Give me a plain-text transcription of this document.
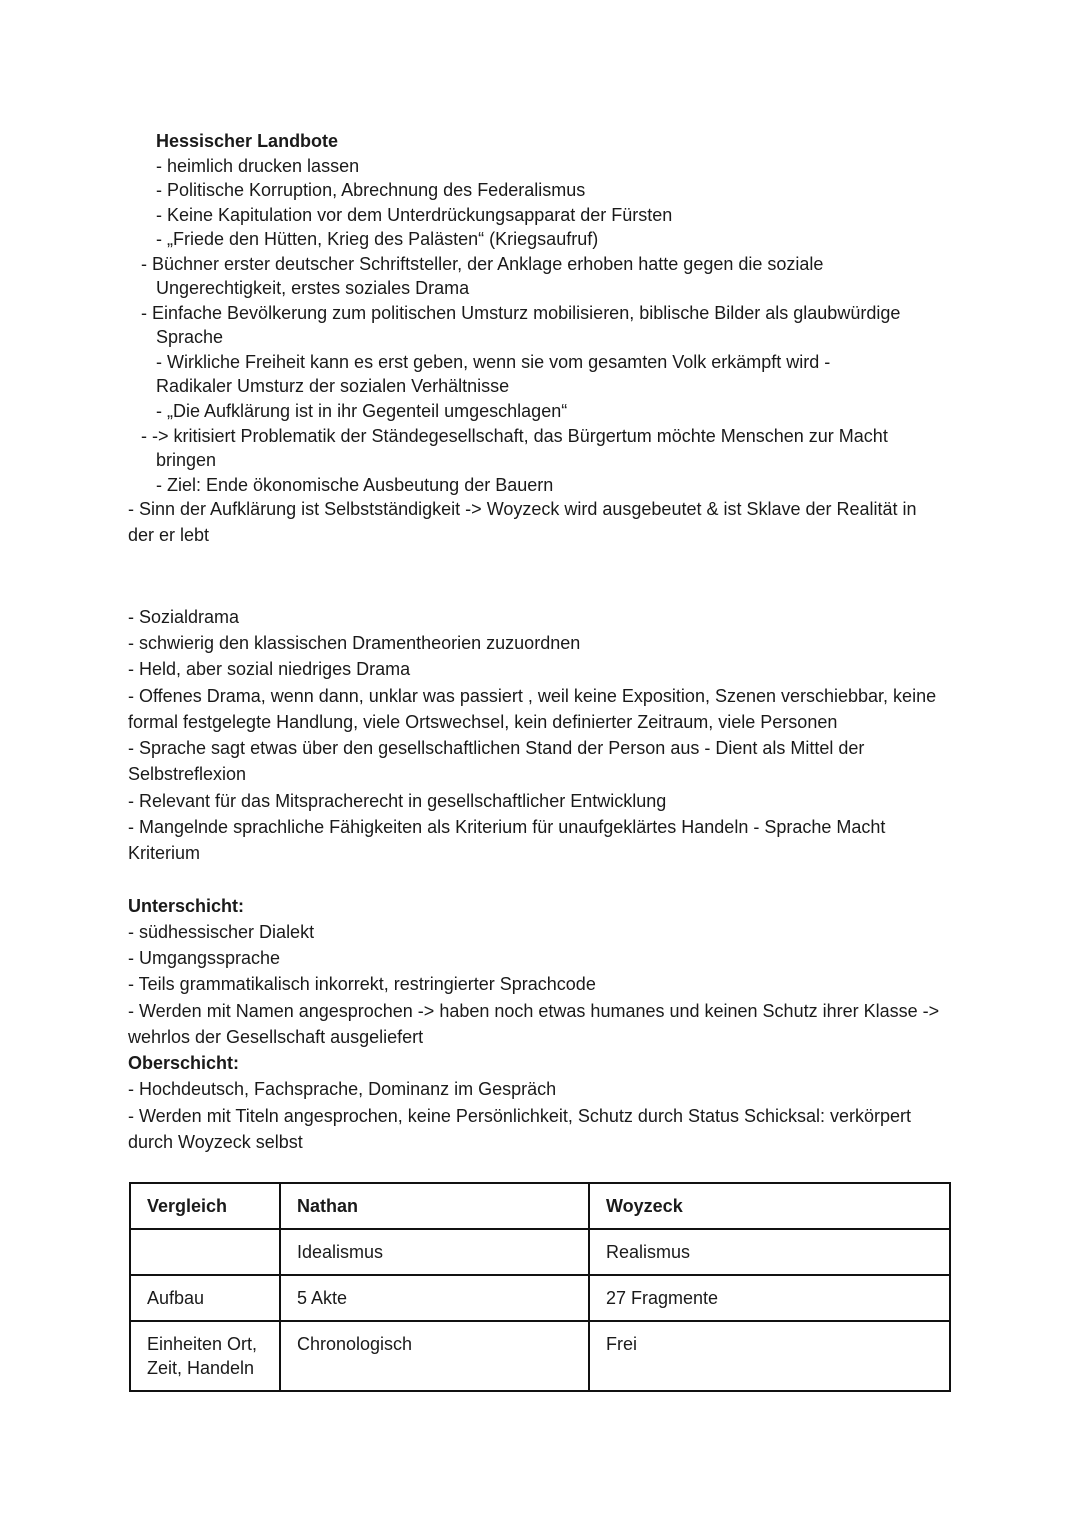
Hessischer Landbote
- heimlich drucken lassen
- Politische Korruption, Abrechnung des Federalismus
- Keine Kapitulation vor dem Unterdrückungsapparat der Fürsten
- „Friede den Hütten, Krieg des Palästen“ (Kriegsaufruf)
- Büchner erster deutscher Schriftsteller, der Anklage erhoben hatte gegen die soziale
Ungerechtigkeit, erstes soziales Drama
- Einfache Bevölkerung zum politischen Umsturz mobilisieren, biblische Bilder als glaubwürdige
Sprache
- Wirkliche Freiheit kann es erst geben, wenn sie vom gesamten Volk erkämpft wird -
Radikaler Umsturz der sozialen Verhältnisse
- „Die Aufklärung ist in ihr Gegenteil umgeschlagen“
- -> kritisiert Problematik der Ständegesellschaft, das Bürgertum möchte Menschen zur Macht
bringen
- Ziel: Ende ökonomische Ausbeutung der Bauern
- Sinn der Aufklärung ist Selbstständigkeit -> Woyzeck wird ausgebeutet & ist Sklave der Realität in
der er lebt
- Sozialdrama
- schwierig den klassischen Dramentheorien zuzuordnen
- Held, aber sozial niedriges Drama
- Offenes Drama, wenn dann, unklar was passiert , weil keine Exposition, Szenen verschiebbar, keine
formal festgelegte Handlung, viele Ortswechsel, kein definierter Zeitraum, viele Personen
- Sprache sagt etwas über den gesellschaftlichen Stand der Person aus - Dient als Mittel der
Selbstreflexion
- Relevant für das Mitspracherecht in gesellschaftlicher Entwicklung
- Mangelnde sprachliche Fähigkeiten als Kriterium für unaufgeklärtes Handeln - Sprache Macht
Kriterium
Unterschicht:
- südhessischer Dialekt
- Umgangssprache
- Teils grammatikalisch inkorrekt, restringierter Sprachcode
- Werden mit Namen angesprochen -> haben noch etwas humanes und keinen Schutz ihrer Klasse ->
wehrlos der Gesellschaft ausgeliefert
Oberschicht:
- Hochdeutsch, Fachsprache, Dominanz im Gespräch
- Werden mit Titeln angesprochen, keine Persönlichkeit, Schutz durch Status Schicksal: verkörpert
durch Woyzeck selbst
Vergleich	Nathan	Woyzeck
	Idealismus	Realismus
Aufbau	5 Akte	27 Fragmente
Einheiten Ort, Zeit, Handeln	Chronologisch	Frei
